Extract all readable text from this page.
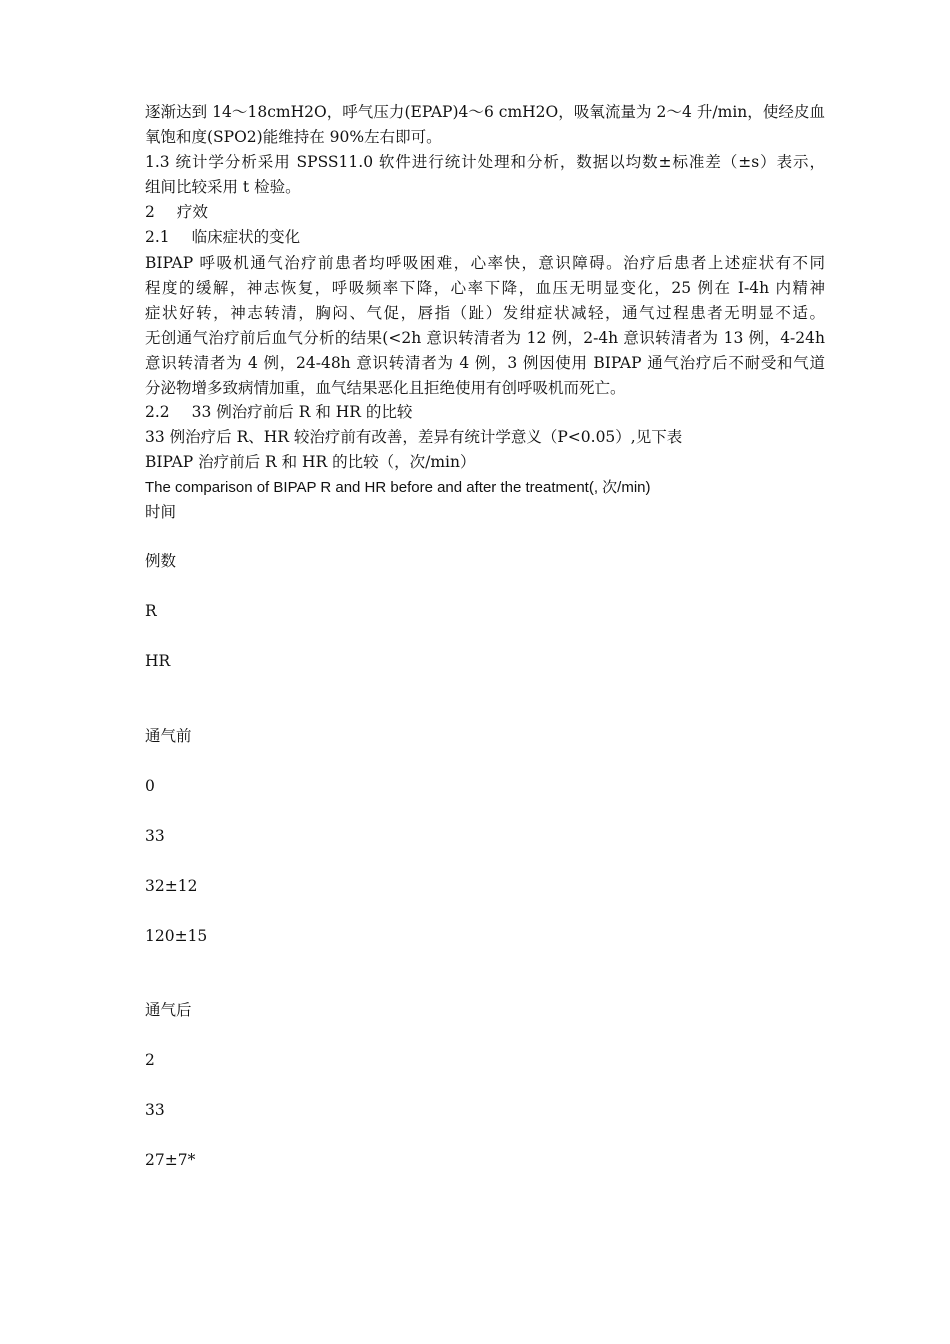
逐渐达到 14～18cmH2O，呼气压力(EPAP)4～6 cmH2O，吸氧流量为 2～4 升/min，使经皮血
氧饱和度(SPO2)能维持在 90%左右即可。
1.3 统计学分析采用 SPSS11.0 软件进行统计处理和分析，数据以均数±标准差（±s）表示，
组间比较采用 t 检验。
2 疗效
2.1 临床症状的变化
BIPAP 呼吸机通气治疗前患者均呼吸困难，心率快，意识障碍。治疗后患者上述症状有不同
程度的缓解，神志恢复，呼吸频率下降，心率下降，血压无明显变化，25 例在 I-4h 内精神
症状好转，神志转清，胸闷、气促，唇指（趾）发绀症状减轻，通气过程患者无明显不适。
无创通气治疗前后血气分析的结果(<2h 意识转清者为 12 例，2-4h 意识转清者为 13 例，4-24h
意识转清者为 4 例，24-48h 意识转清者为 4 例，3 例因使用 BIPAP 通气治疗后不耐受和气道
分泌物增多致病情加重，血气结果恶化且拒绝使用有创呼吸机而死亡。
2.2 33 例治疗前后 R 和 HR 的比较
33 例治疗后 R、HR 较治疗前有改善，差异有统计学意义（P<0.05）,见下表
BIPAP 治疗前后 R 和 HR 的比较（，次/min）
The comparison of BIPAP R and HR before and after the treatment(, 次/min)
时间
例数
R
HR
通气前
0
33
32±12
120±15
通气后
2
33
27±7*
